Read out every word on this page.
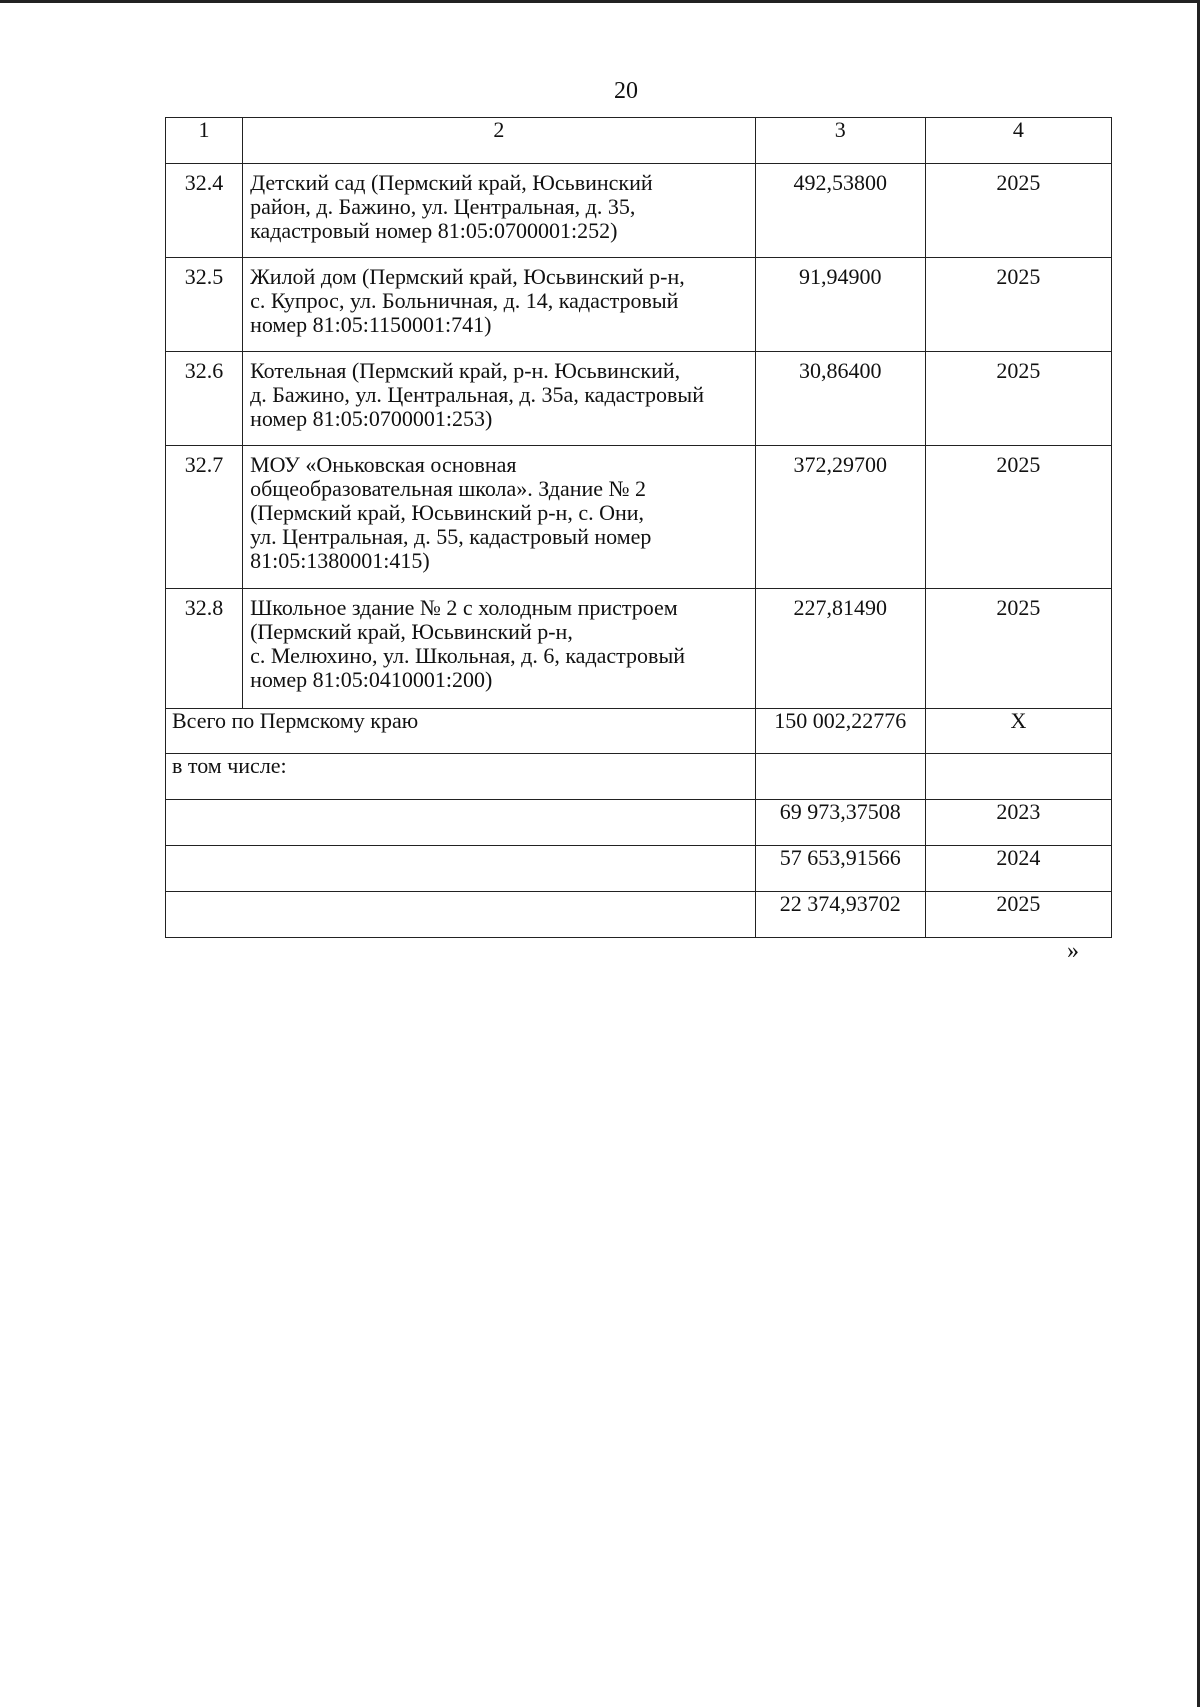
20
1	2	3	4
32.4	Детский сад (Пермский край, Юсьвинский
район, д. Бажино, ул. Центральная, д. 35,
кадастровый номер 81:05:0700001:252)	492,53800	2025
32.5	Жилой дом (Пермский край, Юсьвинский р-н,
с. Купрос, ул. Больничная, д. 14, кадастровый
номер 81:05:1150001:741)	91,94900	2025
32.6	Котельная (Пермский край, р-н. Юсьвинский,
д. Бажино, ул. Центральная, д. 35а, кадастровый
номер 81:05:0700001:253)	30,86400	2025
32.7	МОУ «Оньковская основная
общеобразовательная школа». Здание № 2
(Пермский край, Юсьвинский р-н, с. Они,
ул. Центральная, д. 55, кадастровый номер
81:05:1380001:415)	372,29700	2025
32.8	Школьное здание № 2 с холодным пристроем
(Пермский край, Юсьвинский р-н,
с. Мелюхино, ул. Школьная, д. 6, кадастровый
номер 81:05:0410001:200)	227,81490	2025
Всего по Пермскому краю		150 002,22776	X
в том числе:			
		69 973,37508	2023
		57 653,91566	2024
		22 374,93702	2025
»
